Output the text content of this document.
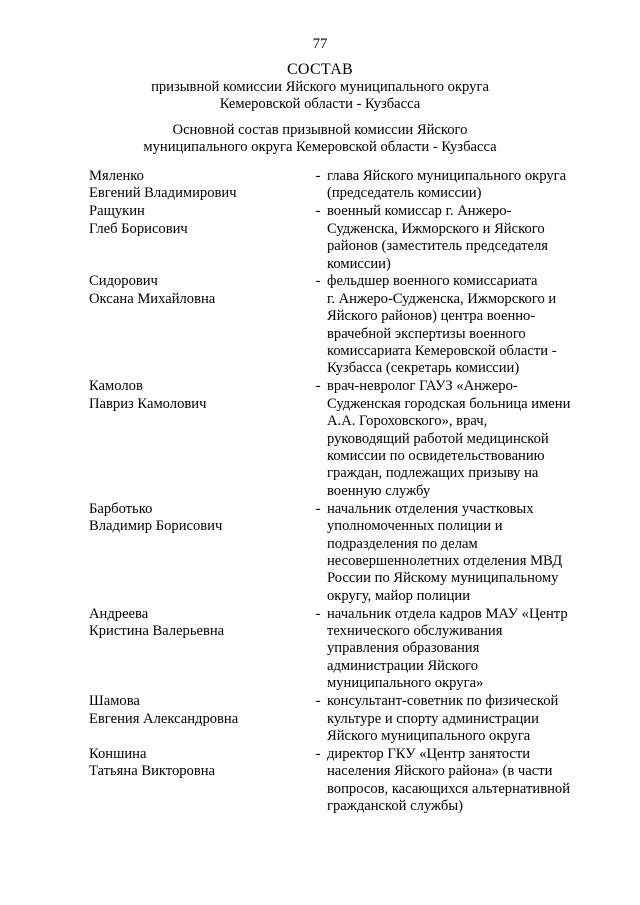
77
СОСТАВ
призывной комиссии Яйского муниципального округа
Кемеровской области - Кузбасса
Основной состав призывной комиссии Яйского
муниципального округа Кемеровской области - Кузбасса
Мяленко
Евгений Владимирович
- глава Яйского муниципального округа
(председатель комиссии)
Ращукин
Глеб Борисович
- военный комиссар г. Анжеро-
Судженска, Ижморского и Яйского
районов (заместитель председателя
комиссии)
Сидорович
Оксана Михайловна
- фельдшер военного комиссариата
г. Анжеро-Судженска, Ижморского и
Яйского районов) центра военно-
врачебной экспертизы военного
комиссариата Кемеровской области -
Кузбасса (секретарь комиссии)
Камолов
Павриз Камолович
- врач-невролог ГАУЗ «Анжеро-
Судженская городская больница имени
А.А. Гороховского», врач,
руководящий работой медицинской
комиссии по освидетельствованию
граждан, подлежащих призыву на
военную службу
Барботько
Владимир Борисович
- начальник отделения участковых
уполномоченных полиции и
подразделения по делам
несовершеннолетних отделения МВД
России по Яйскому муниципальному
округу, майор полиции
Андреева
Кристина Валерьевна
- начальник отдела кадров МАУ «Центр
технического обслуживания
управления образования
администрации Яйского
муниципального округа»
Шамова
Евгения Александровна
- консультант-советник по физической
культуре и спорту администрации
Яйского муниципального округа
Коншина
Татьяна Викторовна
- директор ГКУ «Центр занятости
населения Яйского района» (в части
вопросов, касающихся альтернативной
гражданской службы)
